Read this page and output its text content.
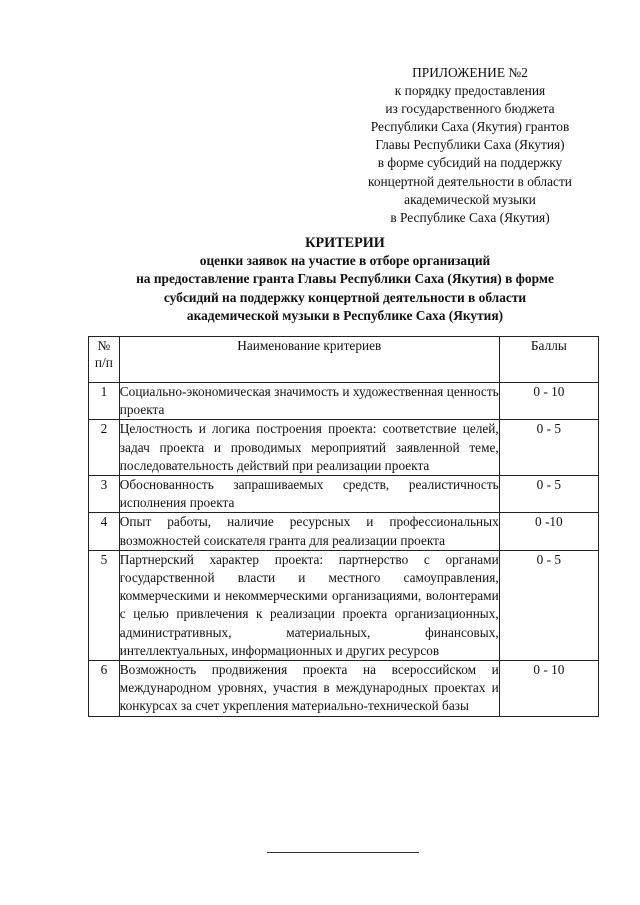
ПРИЛОЖЕНИЕ №2
к порядку предоставления
из государственного бюджета
Республики Саха (Якутия) грантов
Главы Республики Саха (Якутия)
в форме субсидий на поддержку
концертной деятельности в области
академической музыки
в Республике Саха (Якутия)
КРИТЕРИИ
оценки заявок на участие в отборе организаций
на предоставление гранта Главы Республики Саха (Якутия) в форме
субсидий на поддержку концертной деятельности в области
академической музыки в Республике Саха (Якутия)
№
п/п	Наименование критериев	Баллы
1	Социально-экономическая значимость и художественная ценность проекта	0 - 10
2	Целостность и логика построения проекта: соответствие целей, задач проекта и проводимых мероприятий заявленной теме, последовательность действий при реализации проекта	0 - 5
3	Обоснованность запрашиваемых средств, реалистичность исполнения проекта	0 - 5
4	Опыт работы, наличие ресурсных и профессиональных возможностей соискателя гранта для реализации проекта	0 -10
5	Партнерский характер проекта: партнерство с органами государственной власти и местного самоуправления, коммерческими и некоммерческими организациями, волонтерами с целью привлечения к реализации проекта организационных, административных, материальных, финансовых, интеллектуальных, информационных и других ресурсов	0 - 5
6	Возможность продвижения проекта на всероссийском и международном уровнях, участия в международных проектах и конкурсах за счет укрепления материально-технической базы	0 - 10
